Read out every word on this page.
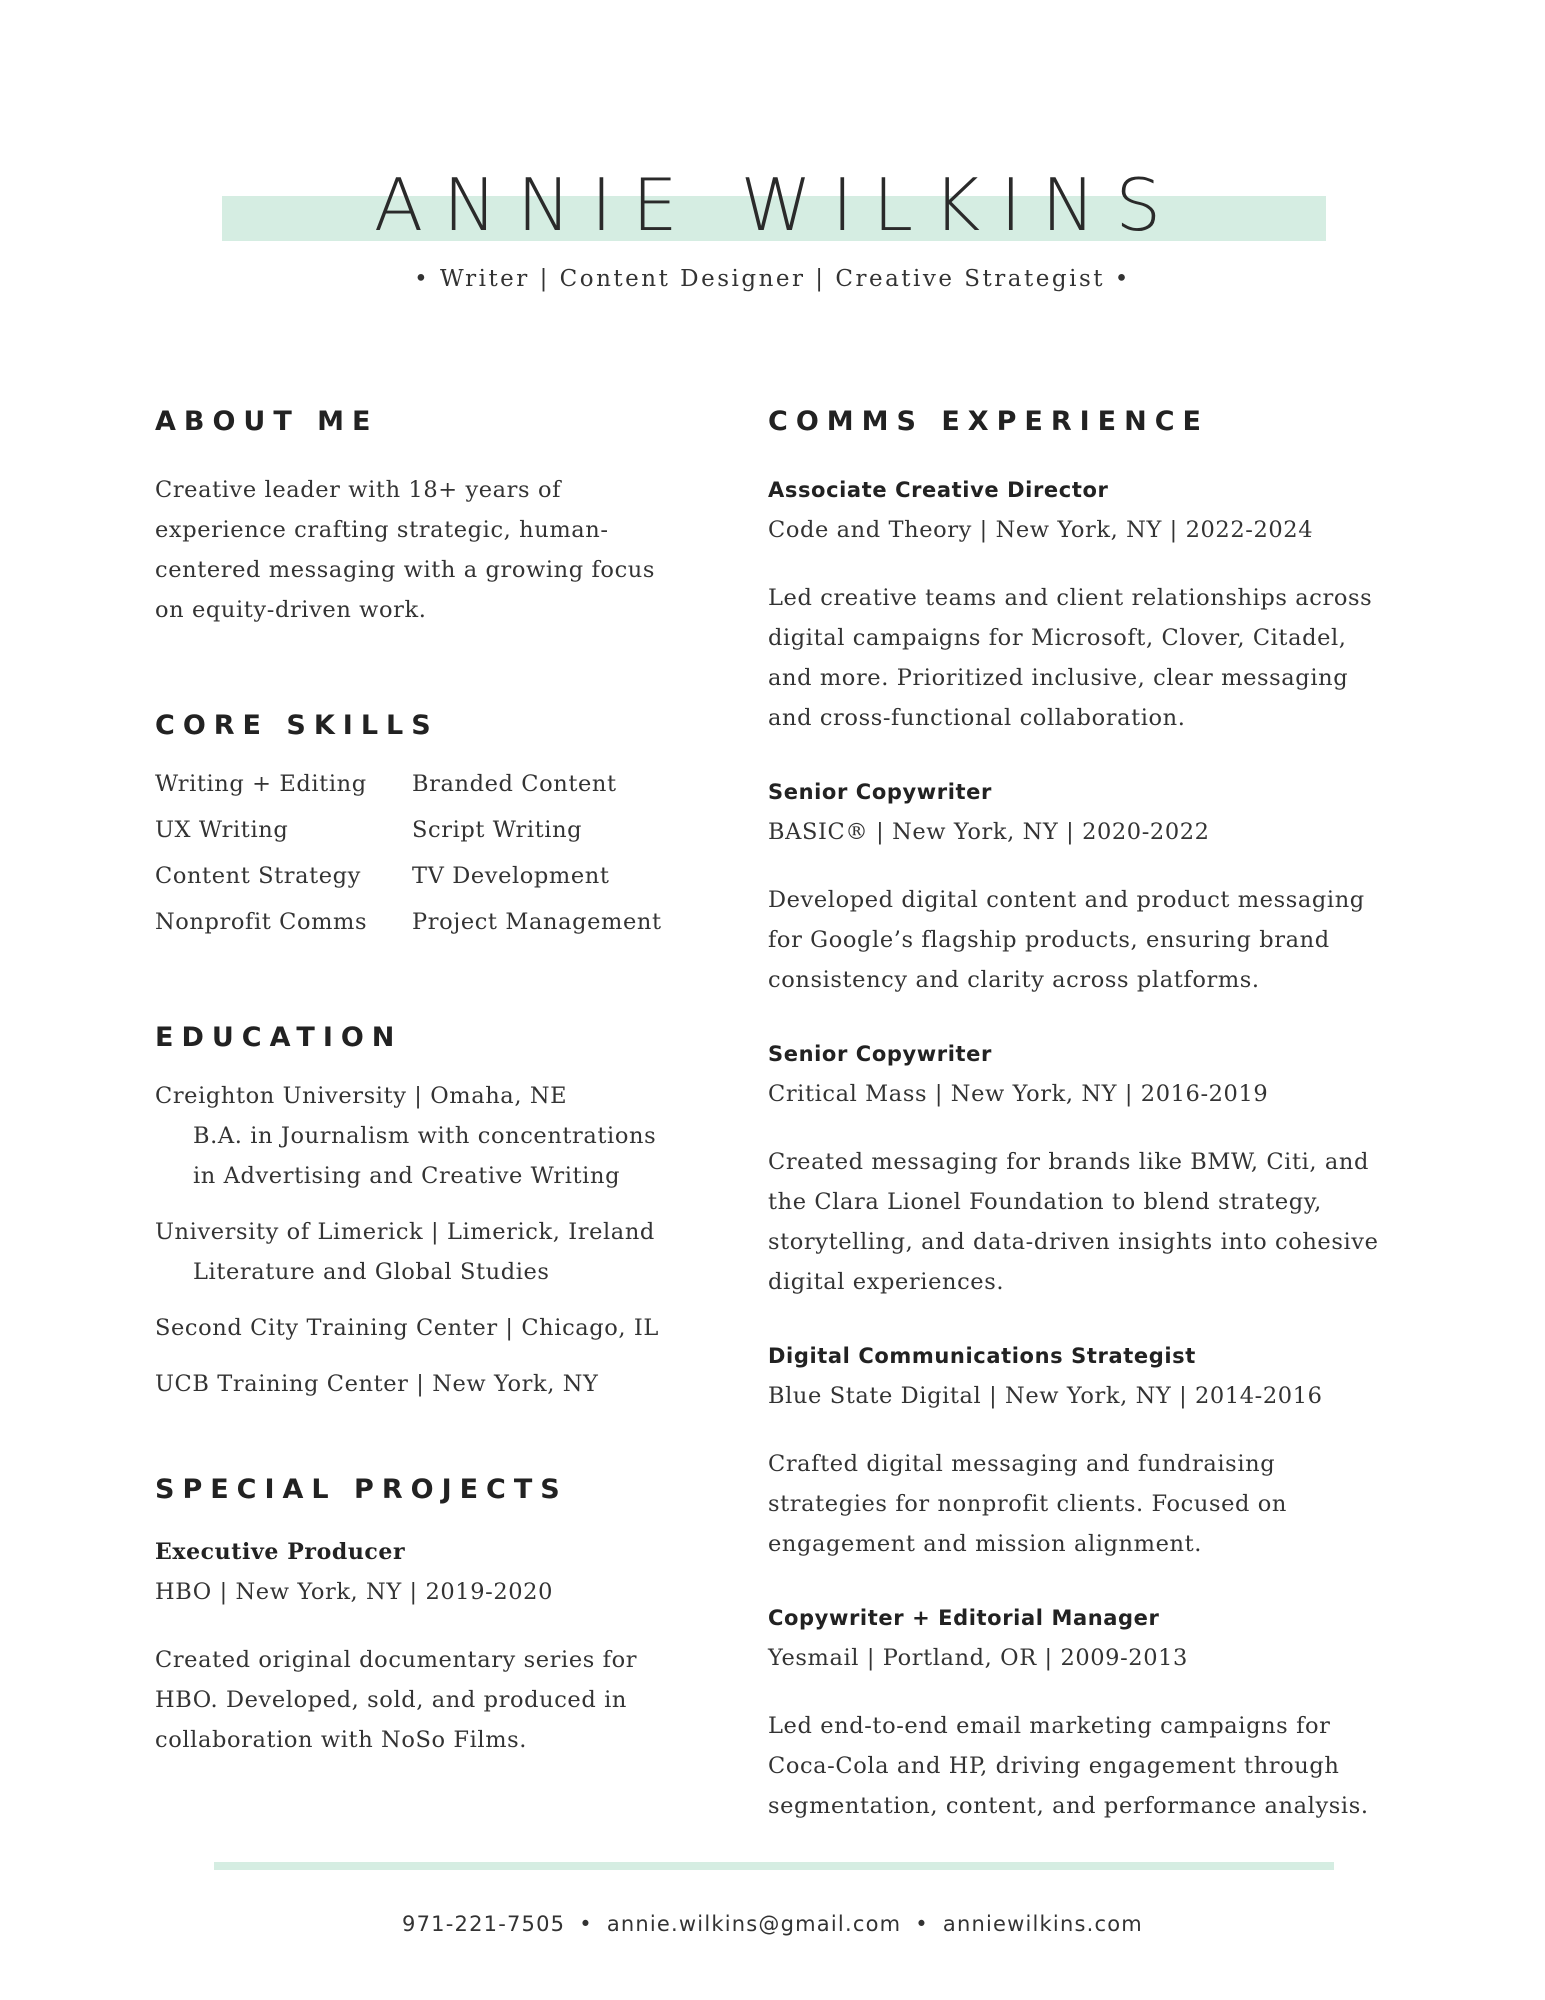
ANNIE WILKINS
• Writer | Content Designer | Creative Strategist •
ABOUT ME
Creative leader with 18+ years of
experience crafting strategic, human-
centered messaging with a growing focus
on equity-driven work.
CORE SKILLS
Writing + Editing	Branded Content
UX Writing	Script Writing
Content Strategy	TV Development
Nonprofit Comms	Project Management
EDUCATION
Creighton University | Omaha, NE
B.A. in Journalism with concentrations
in Advertising and Creative Writing
University of Limerick | Limerick, Ireland
Literature and Global Studies
Second City Training Center | Chicago, IL
UCB Training Center | New York, NY
SPECIAL PROJECTS
Executive Producer
HBO | New York, NY | 2019-2020
Created original documentary series for
HBO. Developed, sold, and produced in
collaboration with NoSo Films.
COMMS EXPERIENCE
Associate Creative Director
Code and Theory | New York, NY | 2022-2024
Led creative teams and client relationships across
digital campaigns for Microsoft, Clover, Citadel,
and more. Prioritized inclusive, clear messaging
and cross-functional collaboration.
Senior Copywriter
BASIC® | New York, NY | 2020-2022
Developed digital content and product messaging
for Google’s flagship products, ensuring brand
consistency and clarity across platforms.
Senior Copywriter
Critical Mass | New York, NY | 2016-2019
Created messaging for brands like BMW, Citi, and
the Clara Lionel Foundation to blend strategy,
storytelling, and data-driven insights into cohesive
digital experiences.
Digital Communications Strategist
Blue State Digital | New York, NY | 2014-2016
Crafted digital messaging and fundraising
strategies for nonprofit clients. Focused on
engagement and mission alignment.
Copywriter + Editorial Manager
Yesmail | Portland, OR | 2009-2013
Led end-to-end email marketing campaigns for
Coca-Cola and HP, driving engagement through
segmentation, content, and performance analysis.
971-221-7505 • annie.wilkins@gmail.com • anniewilkins.com
